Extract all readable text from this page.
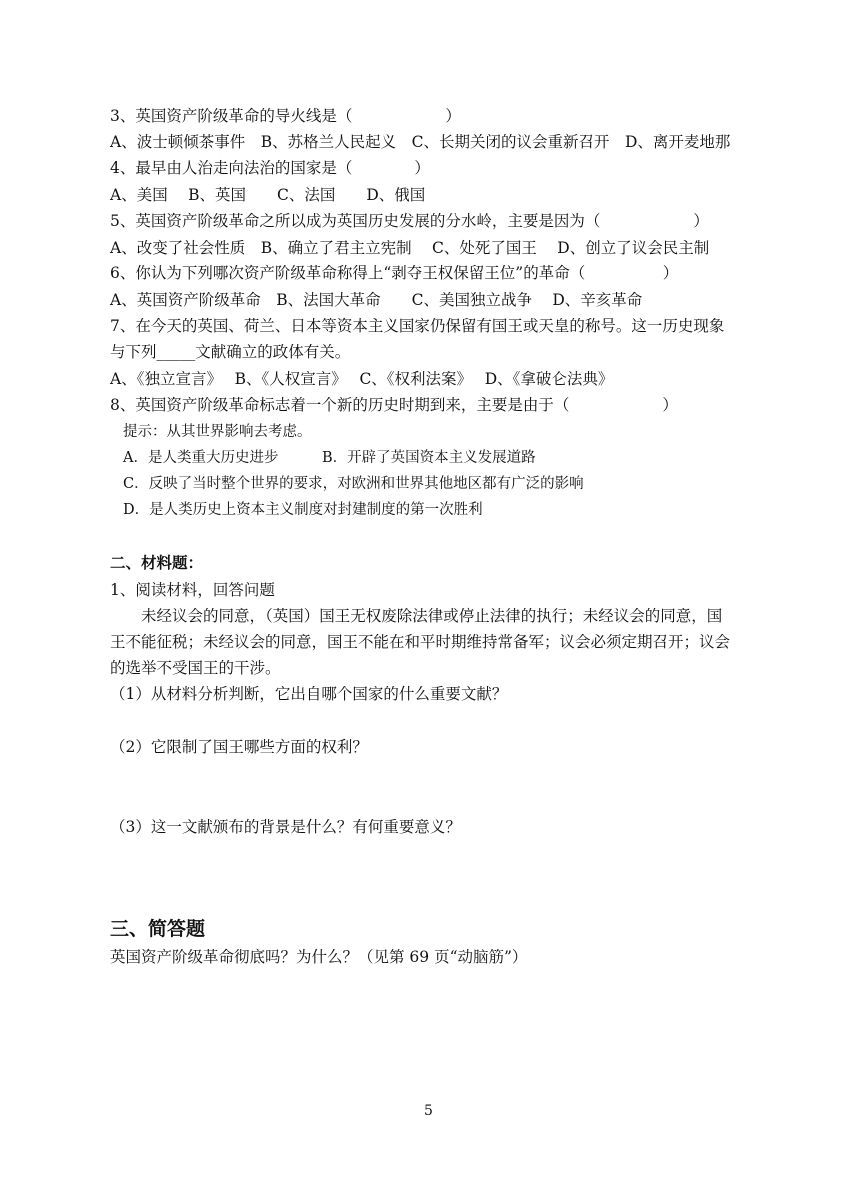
3、英国资产阶级革命的导火线是（　　　　　　）
A、波士顿倾茶事件　B、苏格兰人民起义　C、长期关闭的议会重新召开　D、离开麦地那
4、最早由人治走向法治的国家是（　　　　）
A、美国　 B、英国　　C、法国　　D、俄国
5、英国资产阶级革命之所以成为英国历史发展的分水岭，主要是因为（　　　　　　）
A、改变了社会性质　B、确立了君主立宪制　 C、处死了国王　 D、创立了议会民主制
6、你认为下列哪次资产阶级革命称得上“剥夺王权保留王位”的革命（　　　　　）
A、英国资产阶级革命　B、法国大革命　　C、美国独立战争　 D、辛亥革命
7、在今天的英国、荷兰、日本等资本主义国家仍保留有国王或天皇的称号。这一历史现象
与下列_____文献确立的政体有关。
A、《独立宣言》　 B、《人权宣言》　 C、《权利法案》　 D、《拿破仑法典》
8、英国资产阶级革命标志着一个新的历史时期到来，主要是由于（　　　　　　）
提示：从其世界影响去考虑。
A．是人类重大历史进步　　　B．开辟了英国资本主义发展道路
C．反映了当时整个世界的要求，对欧洲和世界其他地区都有广泛的影响
D．是人类历史上资本主义制度对封建制度的第一次胜利
二、材料题：
1、阅读材料，回答问题
　　未经议会的同意，（英国）国王无权废除法律或停止法律的执行；未经议会的同意，国
王不能征税；未经议会的同意，国王不能在和平时期维持常备军；议会必须定期召开；议会
的选举不受国王的干涉。
（1）从材料分析判断，它出自哪个国家的什么重要文献？
（2）它限制了国王哪些方面的权利？
（3）这一文献颁布的背景是什么？有何重要意义？
三、简答题
英国资产阶级革命彻底吗？为什么？（见第 69 页“动脑筋”）
5
